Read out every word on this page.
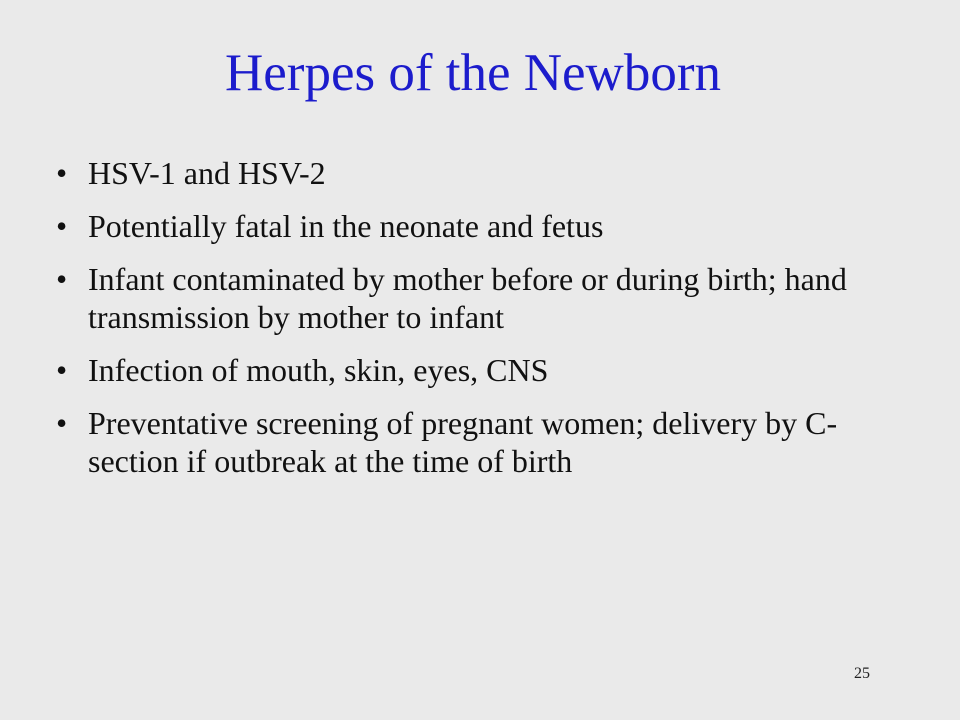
Herpes of the Newborn
• HSV-1 and HSV-2
• Potentially fatal in the neonate and fetus
• Infant contaminated by mother before or during birth; hand transmission by mother to infant
• Infection of mouth, skin, eyes, CNS
• Preventative screening of pregnant women; delivery by C-section if outbreak at the time of birth
25
